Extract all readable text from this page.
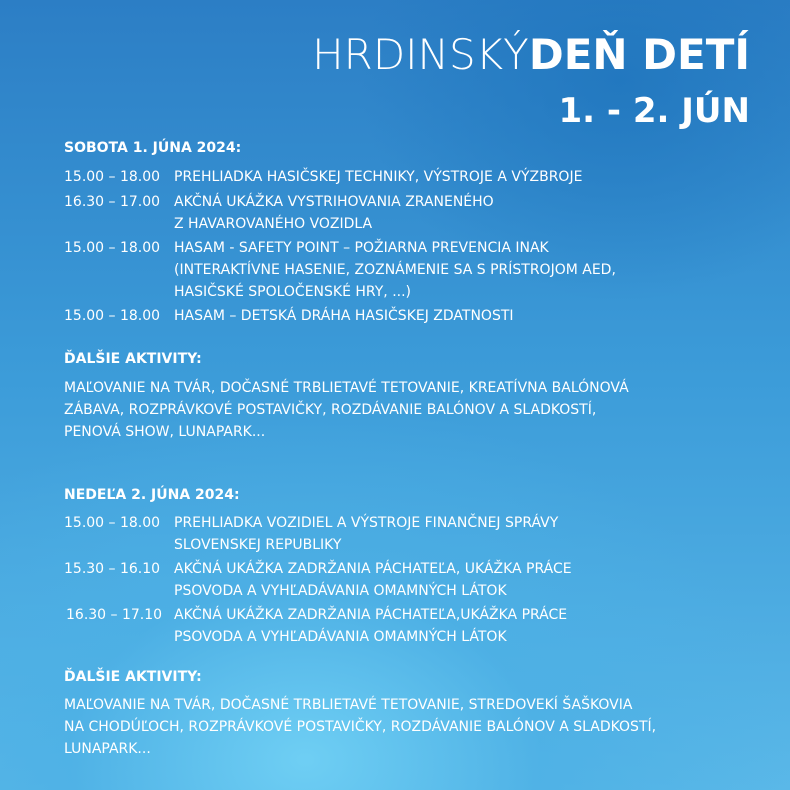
HRDINSKÝDEŇ DETÍ
1. - 2. JÚN
SOBOTA 1. JÚNA 2024:
15.00 – 18.00 PREHLIADKA HASIČSKEJ TECHNIKY, VÝSTROJE A VÝZBROJE
16.30 – 17.00 AKČNÁ UKÁŽKA VYSTRIHOVANIA ZRANENÉHO
Z HAVAROVANÉHO VOZIDLA
15.00 – 18.00 HASAM - SAFETY POINT – POŽIARNA PREVENCIA INAK
(INTERAKTÍVNE HASENIE, ZOZNÁMENIE SA S PRÍSTROJOM AED,
HASIČSKÉ SPOLOČENSKÉ HRY, ...)
15.00 – 18.00 HASAM – DETSKÁ DRÁHA HASIČSKEJ ZDATNOSTI
ĎALŠIE AKTIVITY:
MAĽOVANIE NA TVÁR, DOČASNÉ TRBLIETAVÉ TETOVANIE, KREATÍVNA BALÓNOVÁ
ZÁBAVA, ROZPRÁVKOVÉ POSTAVIČKY, ROZDÁVANIE BALÓNOV A SLADKOSTÍ,
PENOVÁ SHOW, LUNAPARK...
NEDEĽA 2. JÚNA 2024:
15.00 – 18.00 PREHLIADKA VOZIDIEL A VÝSTROJE FINANČNEJ SPRÁVY
SLOVENSKEJ REPUBLIKY
15.30 – 16.10 AKČNÁ UKÁŽKA ZADRŽANIA PÁCHATEĽA, UKÁŽKA PRÁCE
PSOVODA A VYHĽADÁVANIA OMAMNÝCH LÁTOK
16.30 – 17.10 AKČNÁ UKÁŽKA ZADRŽANIA PÁCHATEĽA,UKÁŽKA PRÁCE
PSOVODA A VYHĽADÁVANIA OMAMNÝCH LÁTOK
ĎALŠIE AKTIVITY:
MAĽOVANIE NA TVÁR, DOČASNÉ TRBLIETAVÉ TETOVANIE, STREDOVEKÍ ŠAŠKOVIA
NA CHODÚĽOCH, ROZPRÁVKOVÉ POSTAVIČKY, ROZDÁVANIE BALÓNOV A SLADKOSTÍ,
LUNAPARK...
